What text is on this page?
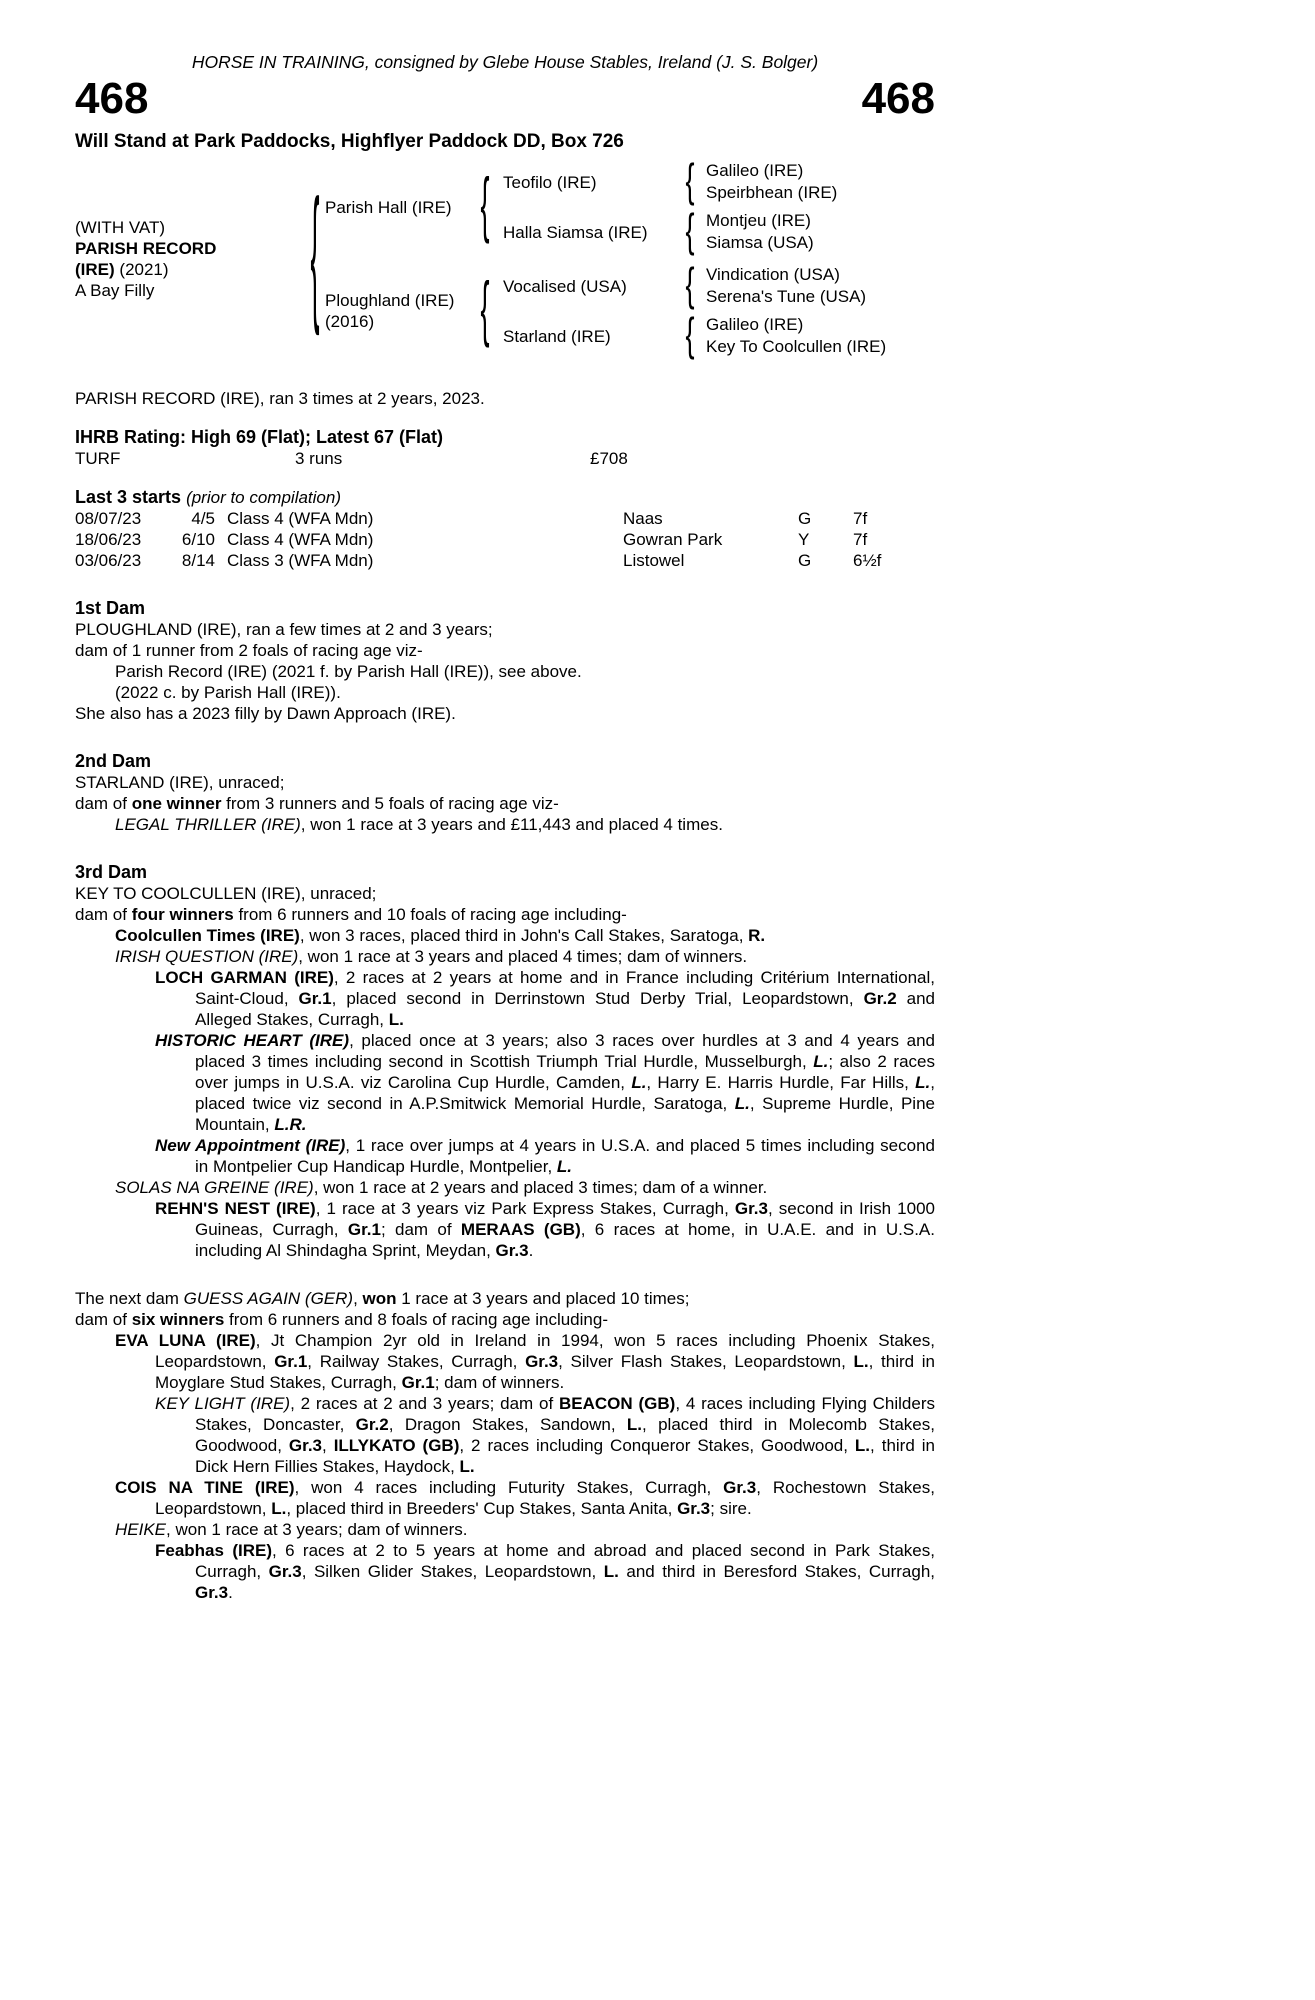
HORSE IN TRAINING, consigned by Glebe House Stables, Ireland (J. S. Bolger)
468	468
Will Stand at Park Paddocks, Highflyer Paddock DD, Box 726
(WITH VAT)
PARISH RECORD
(IRE) (2021)
A Bay Filly	{ Parish Hall (IRE) { Teofilo (IRE)	{ Galileo (IRE)
Speirbhean (IRE)
Halla Siamsa (IRE)	{ Montjeu (IRE)
Siamsa (USA)
Ploughland (IRE)
(2016)	{ Vocalised (USA)	{ Vindication (USA)
Serena's Tune (USA)
Starland (IRE)	{ Galileo (IRE)
Key To Coolcullen (IRE)
PARISH RECORD (IRE), ran 3 times at 2 years, 2023.
IHRB Rating: High 69 (Flat); Latest 67 (Flat)
TURF	3 runs	£708
Last 3 starts (prior to compilation)
08/07/23	4/5 Class 4 (WFA Mdn)	Naas	G	7f
18/06/23	6/10 Class 4 (WFA Mdn)	Gowran Park	Y	7f
03/06/23	8/14 Class 3 (WFA Mdn)	Listowel	G	6½f
1st Dam
PLOUGHLAND (IRE), ran a few times at 2 and 3 years;
dam of 1 runner from 2 foals of racing age viz-
Parish Record (IRE) (2021 f. by Parish Hall (IRE)), see above.
(2022 c. by Parish Hall (IRE)).
She also has a 2023 filly by Dawn Approach (IRE).
2nd Dam
STARLAND (IRE), unraced;
dam of one winner from 3 runners and 5 foals of racing age viz-
LEGAL THRILLER (IRE), won 1 race at 3 years and £11,443 and placed 4 times.
3rd Dam
KEY TO COOLCULLEN (IRE), unraced;
dam of four winners from 6 runners and 10 foals of racing age including-
Coolcullen Times (IRE), won 3 races, placed third in John's Call Stakes, Saratoga, R.
IRISH QUESTION (IRE), won 1 race at 3 years and placed 4 times; dam of winners.
LOCH GARMAN (IRE), 2 races at 2 years at home and in France including Critérium International, Saint-Cloud, Gr.1, placed second in Derrinstown Stud Derby Trial, Leopardstown, Gr.2 and Alleged Stakes, Curragh, L.
HISTORIC HEART (IRE), placed once at 3 years; also 3 races over hurdles at 3 and 4 years and placed 3 times including second in Scottish Triumph Trial Hurdle, Musselburgh, L.; also 2 races over jumps in U.S.A. viz Carolina Cup Hurdle, Camden, L., Harry E. Harris Hurdle, Far Hills, L., placed twice viz second in A.P.Smitwick Memorial Hurdle, Saratoga, L., Supreme Hurdle, Pine Mountain, L.R.
New Appointment (IRE), 1 race over jumps at 4 years in U.S.A. and placed 5 times including second in Montpelier Cup Handicap Hurdle, Montpelier, L.
SOLAS NA GREINE (IRE), won 1 race at 2 years and placed 3 times; dam of a winner.
REHN'S NEST (IRE), 1 race at 3 years viz Park Express Stakes, Curragh, Gr.3, second in Irish 1000 Guineas, Curragh, Gr.1; dam of MERAAS (GB), 6 races at home, in U.A.E. and in U.S.A. including Al Shindagha Sprint, Meydan, Gr.3.
The next dam GUESS AGAIN (GER), won 1 race at 3 years and placed 10 times;
dam of six winners from 6 runners and 8 foals of racing age including-
EVA LUNA (IRE), Jt Champion 2yr old in Ireland in 1994, won 5 races including Phoenix Stakes, Leopardstown, Gr.1, Railway Stakes, Curragh, Gr.3, Silver Flash Stakes, Leopardstown, L., third in Moyglare Stud Stakes, Curragh, Gr.1; dam of winners.
KEY LIGHT (IRE), 2 races at 2 and 3 years; dam of BEACON (GB), 4 races including Flying Childers Stakes, Doncaster, Gr.2, Dragon Stakes, Sandown, L., placed third in Molecomb Stakes, Goodwood, Gr.3, ILLYKATO (GB), 2 races including Conqueror Stakes, Goodwood, L., third in Dick Hern Fillies Stakes, Haydock, L.
COIS NA TINE (IRE), won 4 races including Futurity Stakes, Curragh, Gr.3, Rochestown Stakes, Leopardstown, L., placed third in Breeders' Cup Stakes, Santa Anita, Gr.3; sire.
HEIKE, won 1 race at 3 years; dam of winners.
Feabhas (IRE), 6 races at 2 to 5 years at home and abroad and placed second in Park Stakes, Curragh, Gr.3, Silken Glider Stakes, Leopardstown, L. and third in Beresford Stakes, Curragh, Gr.3.
